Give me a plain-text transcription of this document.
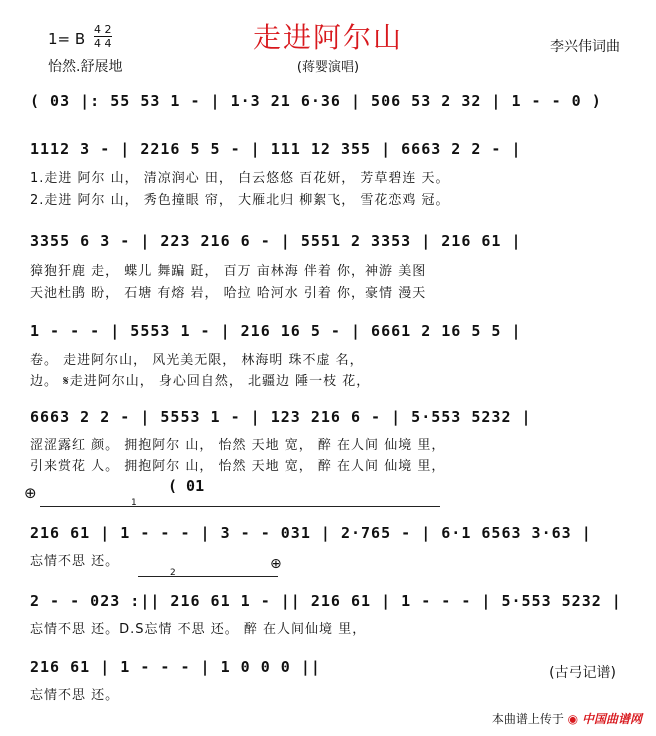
走进阿尔山
1= B
4 2
4 4
怡然.舒展地
李兴伟词曲
(蒋婴演唱)
( 03 |: 55 53 1 - | 1·3 21 6·36 | 506 53 2 32 | 1 - - 0 )
1112 3 - | 2216 5 5 - | 111 12 355 | 6663 2 2 - |
1.走进 阿尔 山， 清凉润心 田， 白云悠悠 百花妍， 芳草碧连 天。
2.走进 阿尔 山， 秀色撞眼 帘， 大雁北归 柳絮飞， 雪花恋鸡 冠。
3355 6 3 - | 223 216 6 - | 5551 2 3353 | 216 61 |
獐狍犴鹿 走， 蝶儿 舞蹁 跹， 百万 亩林海 伴着 你，神游 美图
天池杜鹃 盼， 石塘 有熔 岩， 哈拉 哈河水 引着 你，豪情 漫天
1 - - - | 5553 1 - | 216 16 5 - | 6661 2 16 5 5 |
卷。 走进阿尔山， 风光美无限， 林海明 珠不虚 名，
边。 𝄋走进阿尔山， 身心回自然， 北疆边 陲一枝 花，
6663 2 2 - | 5553 1 - | 123 216 6 - | 5·553 5232 |
涩涩露红 颜。 拥抱阿尔 山， 怡然 天地 宽， 醉 在人间 仙境 里，
引来赏花 人。 拥抱阿尔 山， 怡然 天地 宽， 醉 在人间 仙境 里，
⊕	( 01
1
216 61 | 1 - - - | 3 - - 031 | 2·765 - | 6·1 6563 3·63 |
忘情不思 还。
2
⊕
2 - - 023 :|| 216 61 1 - || 216 61 | 1 - - - | 5·553 5232 |
忘情不思 还。D.S忘情 不思 还。 醉 在人间仙境 里，
216 61 | 1 - - - | 1 0 0 0 ||
忘情不思 还。
(古弓记谱)
本曲谱上传于 ◉ 中国曲谱网
